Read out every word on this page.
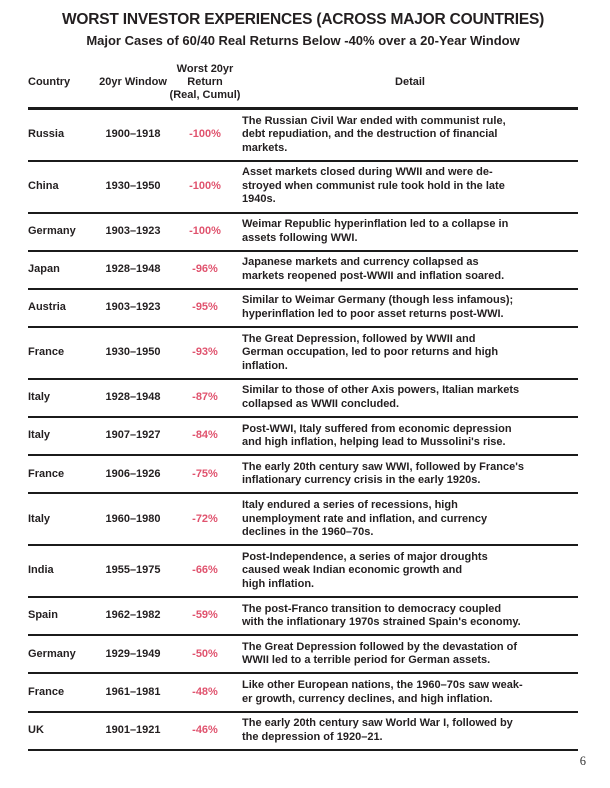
WORST INVESTOR EXPERIENCES (ACROSS MAJOR COUNTRIES)
Major Cases of 60/40 Real Returns Below -40% over a 20-Year Window
Country	20yr Window
Worst 20yr
Return
(Real, Cumul)
Detail
Russia	1900–1918	-100%
The Russian Civil War ended with communist rule,
debt repudiation, and the destruction of financial
markets.
China	1930–1950	-100%
Asset markets closed during WWII and were de-
stroyed when communist rule took hold in the late
1940s.
Germany	1903–1923	-100%
Weimar Republic hyperinflation led to a collapse in
assets following WWI.
Japan	1928–1948	-96%
Japanese markets and currency collapsed as
markets reopened post-WWII and inflation soared.
Austria	1903–1923	-95%
Similar to Weimar Germany (though less infamous);
hyperinflation led to poor asset returns post-WWI.
France	1930–1950	-93%
The Great Depression, followed by WWII and
German occupation, led to poor returns and high
inflation.
Italy	1928–1948	-87%
Similar to those of other Axis powers, Italian markets
collapsed as WWII concluded.
Italy	1907–1927	-84%
Post-WWI, Italy suffered from economic depression
and high inflation, helping lead to Mussolini's rise.
France	1906–1926	-75%
The early 20th century saw WWI, followed by France's
inflationary currency crisis in the early 1920s.
Italy	1960–1980	-72%
Italy endured a series of recessions, high
unemployment rate and inflation, and currency
declines in the 1960–70s.
India	1955–1975	-66%
Post-Independence, a series of major droughts
caused weak Indian economic growth and
high inflation.
Spain	1962–1982	-59%
The post-Franco transition to democracy coupled
with the inflationary 1970s strained Spain's economy.
Germany	1929–1949	-50%
The Great Depression followed by the devastation of
WWII led to a terrible period for German assets.
France	1961–1981	-48%
Like other European nations, the 1960–70s saw weak-
er growth, currency declines, and high inflation.
UK	1901–1921	-46%
The early 20th century saw World War I, followed by
the depression of 1920–21.
6
